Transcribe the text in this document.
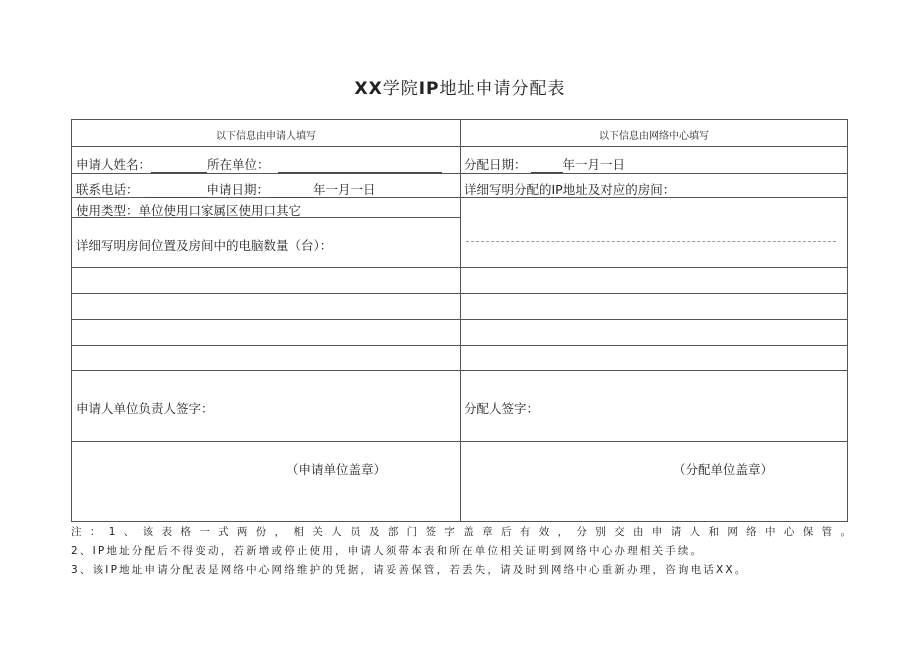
XX学院IP地址申请分配表
以下信息由申请人填写	以下信息由网络中心填写
申请人姓名：	所在单位：	分配日期：	年一月一日
联系电话：	申请日期：	年一月一日	详细写明分配的IP地址及对应的房间：
使用类型：单位使用口家属区使用口其它
详细写明房间位置及房间中的电脑数量（台）：
申请人单位负责人签字：	分配人签字：
（申请单位盖章）	（分配单位盖章）
注：1、该表格一式两份，相关人员及部门签字盖章后有效，分别交由申请人和网络中心保管。
2、IP地址分配后不得变动，若新增或停止使用，申请人须带本表和所在单位相关证明到网络中心办理相关手续。
3、该IP地址申请分配表是网络中心网络维护的凭据，请妥善保管，若丢失，请及时到网络中心重新办理，咨询电话XX。
